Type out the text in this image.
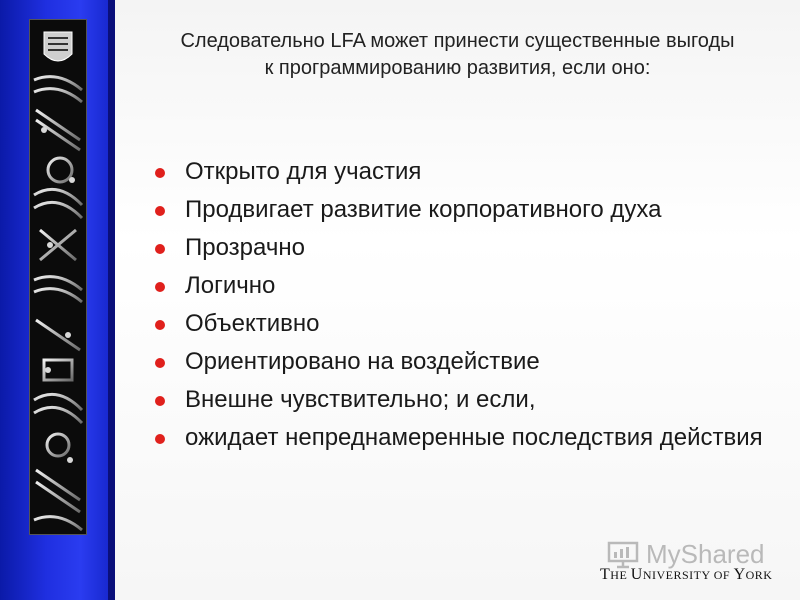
Следовательно LFA может принести существенные выгоды
к программированию развития, если оно:
Открыто для участия
Продвигает развитие корпоративного духа
Прозрачно
Логично
Объективно
Ориентировано на воздействие
Внешне чувствительно; и если,
ожидает непреднамеренные последствия действия
MyShared
THE UNIVERSITY OF YORK
